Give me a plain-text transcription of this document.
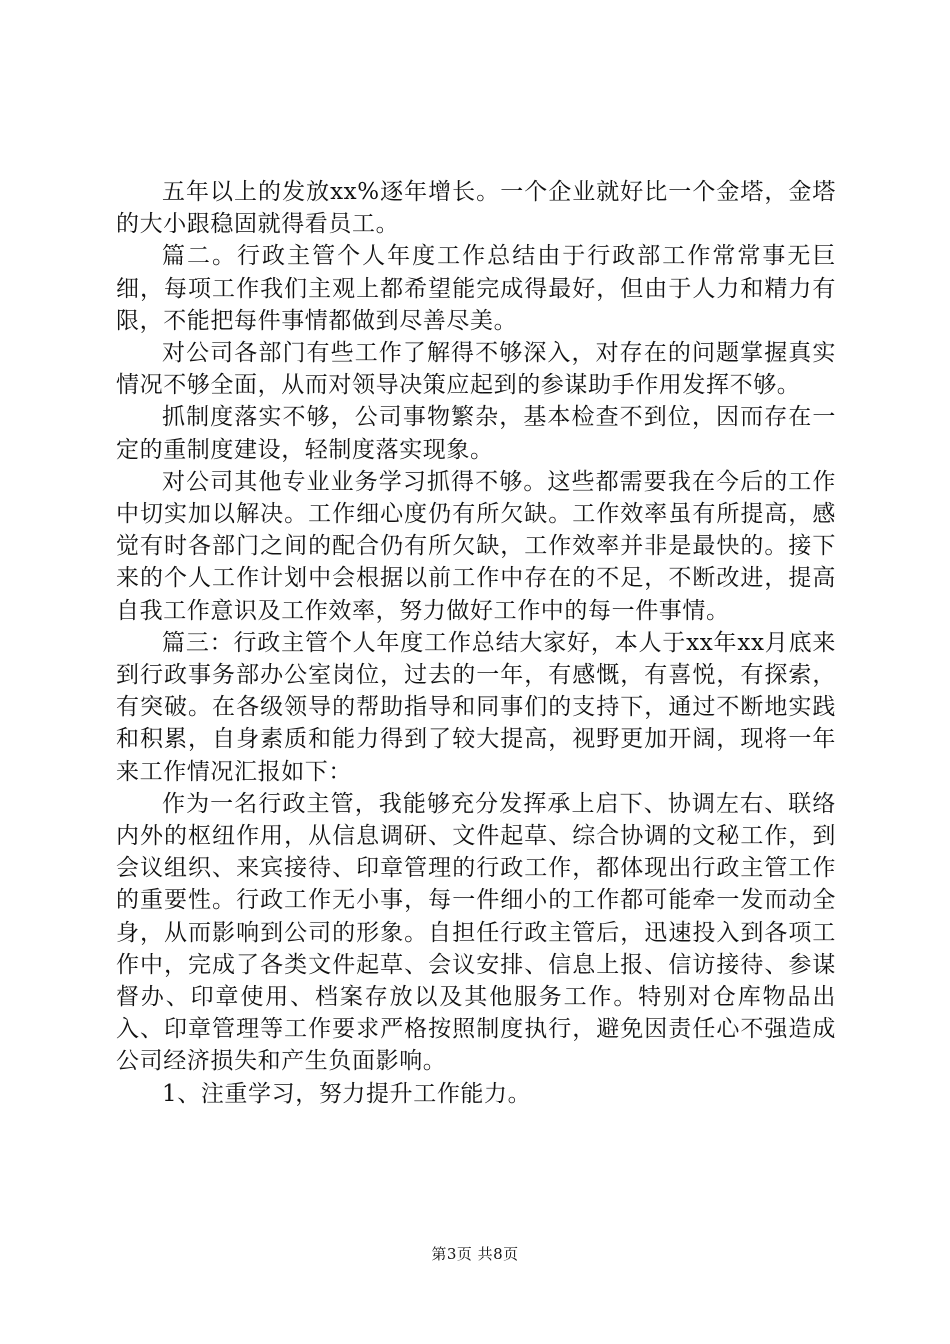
五年以上的发放xx%逐年增长。一个企业就好比一个金塔，金塔的大小跟稳固就得看员工。

篇二。行政主管个人年度工作总结由于行政部工作常常事无巨细，每项工作我们主观上都希望能完成得最好，但由于人力和精力有限，不能把每件事情都做到尽善尽美。

对公司各部门有些工作了解得不够深入，对存在的问题掌握真实情况不够全面，从而对领导决策应起到的参谋助手作用发挥不够。

抓制度落实不够，公司事物繁杂，基本检查不到位，因而存在一定的重制度建设，轻制度落实现象。

对公司其他专业业务学习抓得不够。这些都需要我在今后的工作中切实加以解决。工作细心度仍有所欠缺。工作效率虽有所提高，感觉有时各部门之间的配合仍有所欠缺，工作效率并非是最快的。接下来的个人工作计划中会根据以前工作中存在的不足，不断改进，提高自我工作意识及工作效率，努力做好工作中的每一件事情。

篇三：行政主管个人年度工作总结大家好，本人于xx年xx月底来到行政事务部办公室岗位，过去的一年，有感慨，有喜悦，有探索，有突破。在各级领导的帮助指导和同事们的支持下，通过不断地实践和积累，自身素质和能力得到了较大提高，视野更加开阔，现将一年来工作情况汇报如下：

作为一名行政主管，我能够充分发挥承上启下、协调左右、联络内外的枢纽作用，从信息调研、文件起草、综合协调的文秘工作，到会议组织、来宾接待、印章管理的行政工作，都体现出行政主管工作的重要性。行政工作无小事，每一件细小的工作都可能牵一发而动全身，从而影响到公司的形象。自担任行政主管后，迅速投入到各项工作中，完成了各类文件起草、会议安排、信息上报、信访接待、参谋督办、印章使用、档案存放以及其他服务工作。特别对仓库物品出入、印章管理等工作要求严格按照制度执行，避免因责任心不强造成公司经济损失和产生负面影响。

1、注重学习，努力提升工作能力。

第3页 共8页
